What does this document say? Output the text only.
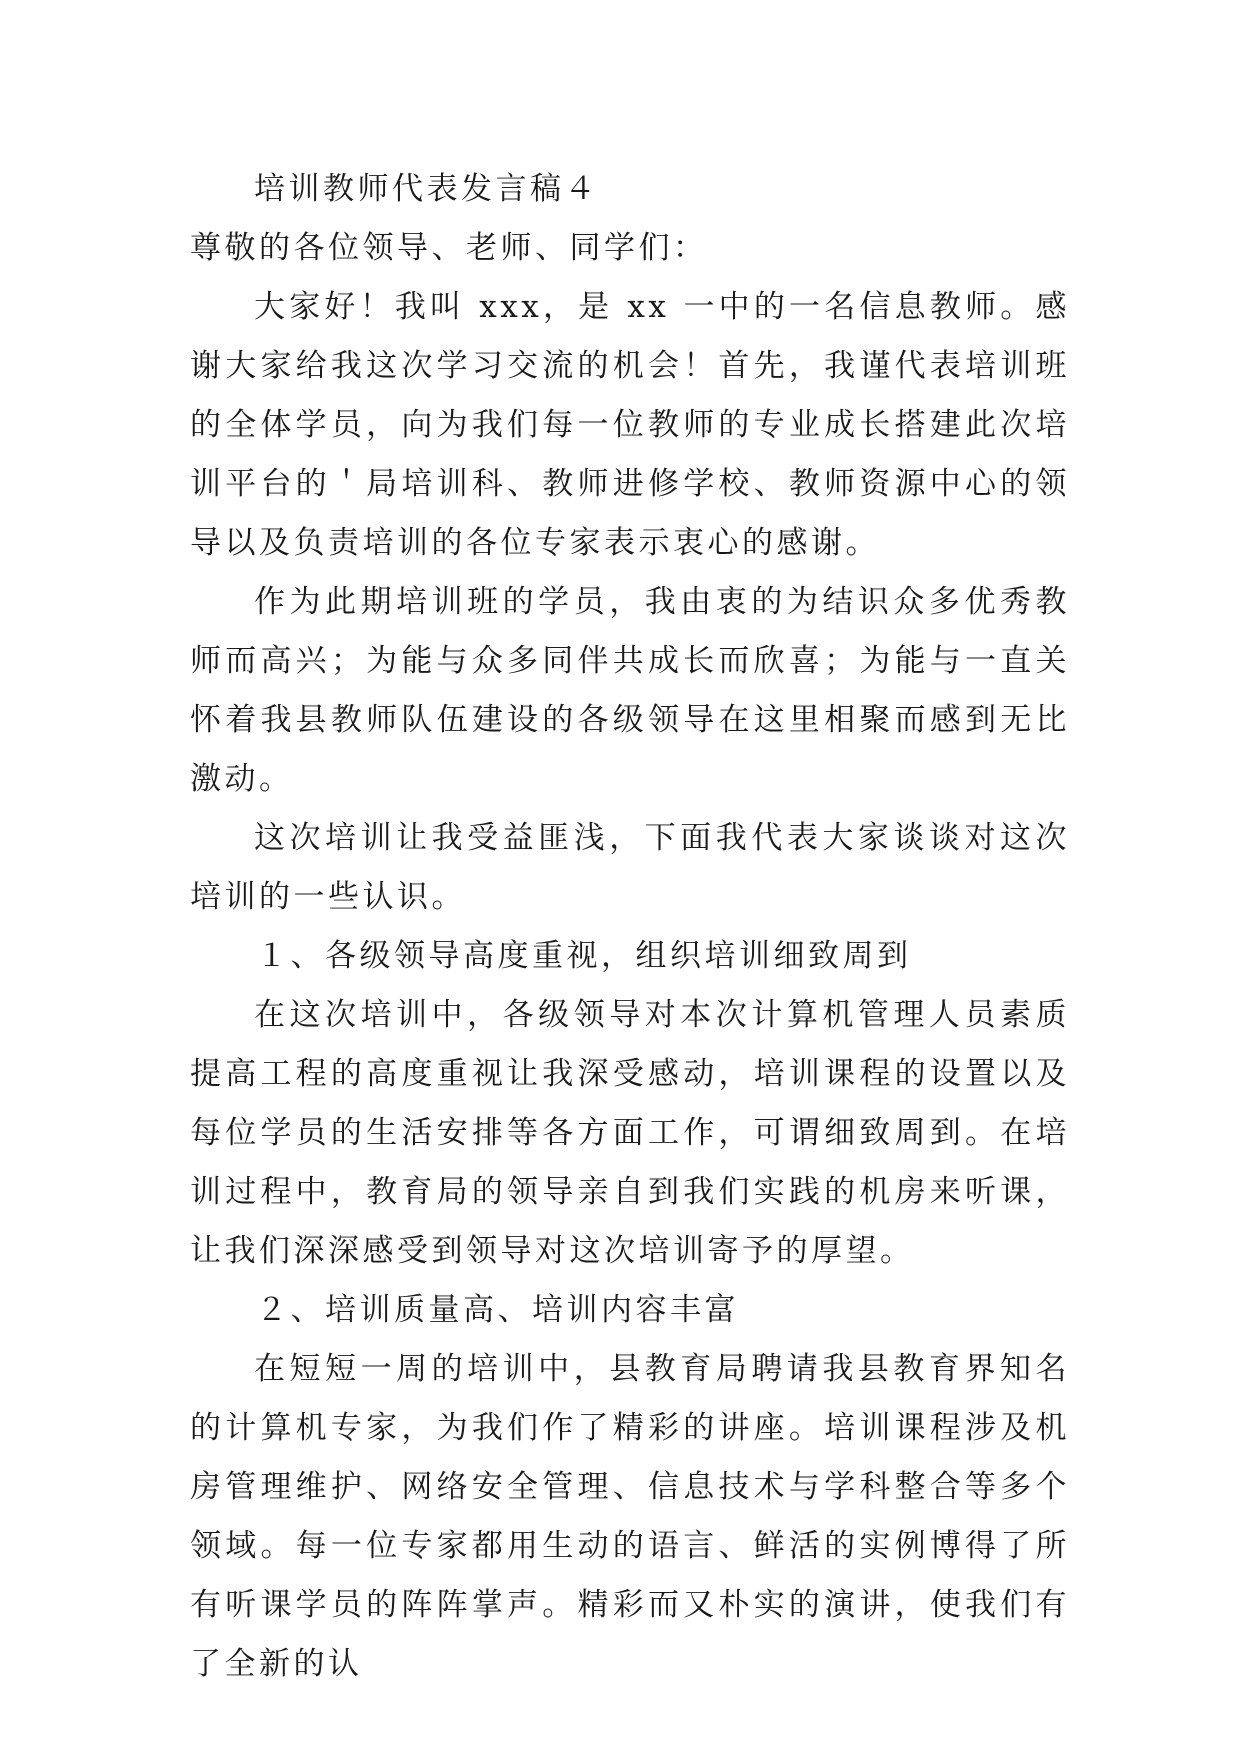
培训教师代表发言稿４

尊敬的各位领导、老师、同学们：

大家好！我叫 xxx，是 xx 一中的一名信息教师。感谢大家给我这次学习交流的机会！首先，我谨代表培训班的全体学员，向为我们每一位教师的专业成长搭建此次培训平台的＇局培训科、教师进修学校、教师资源中心的领导以及负责培训的各位专家表示衷心的感谢。

作为此期培训班的学员，我由衷的为结识众多优秀教师而高兴；为能与众多同伴共成长而欣喜；为能与一直关怀着我县教师队伍建设的各级领导在这里相聚而感到无比激动。

这次培训让我受益匪浅，下面我代表大家谈谈对这次培训的一些认识。

１、各级领导高度重视，组织培训细致周到

在这次培训中，各级领导对本次计算机管理人员素质提高工程的高度重视让我深受感动，培训课程的设置以及每位学员的生活安排等各方面工作，可谓细致周到。在培训过程中，教育局的领导亲自到我们实践的机房来听课，让我们深深感受到领导对这次培训寄予的厚望。

２、培训质量高、培训内容丰富

在短短一周的培训中，县教育局聘请我县教育界知名的计算机专家，为我们作了精彩的讲座。培训课程涉及机房管理维护、网络安全管理、信息技术与学科整合等多个领域。每一位专家都用生动的语言、鲜活的实例博得了所有听课学员的阵阵掌声。精彩而又朴实的演讲，使我们有了全新的认
